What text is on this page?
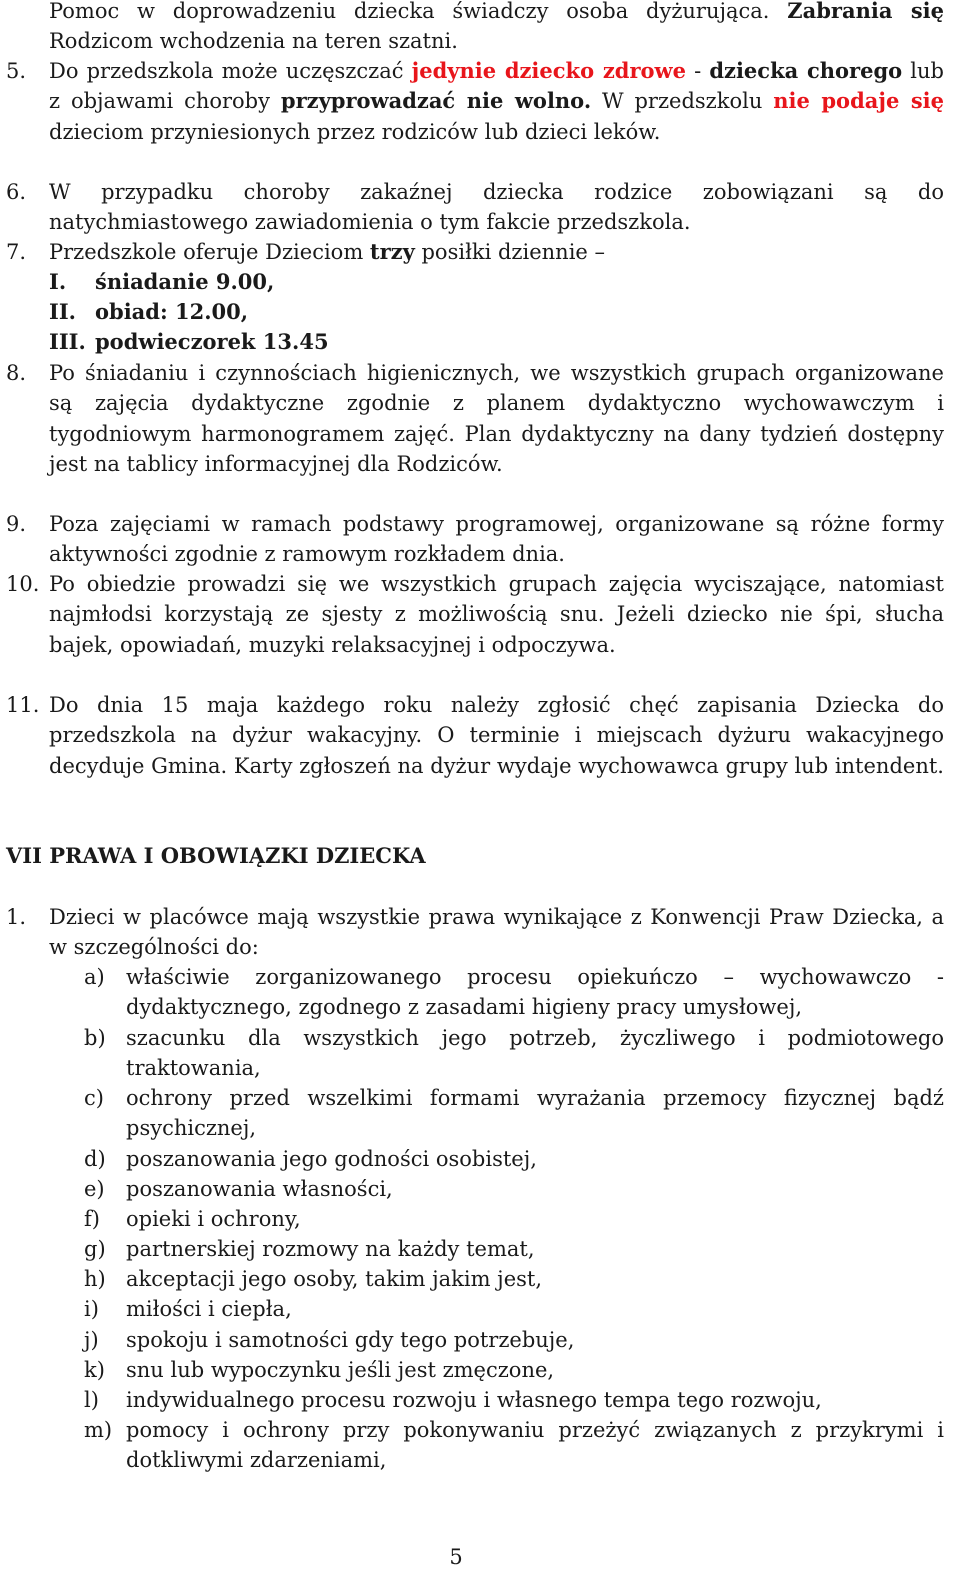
Pomoc w doprowadzeniu dziecka świadczy osoba dyżurująca. Zabrania się Rodzicom wchodzenia na teren szatni.
5. Do przedszkola może uczęszczać jedynie dziecko zdrowe - dziecka chorego lub z objawami choroby przyprowadzać nie wolno. W przedszkolu nie podaje się dzieciom przyniesionych przez rodziców lub dzieci leków.
6. W przypadku choroby zakaźnej dziecka rodzice zobowiązani są do natychmiastowego zawiadomienia o tym fakcie przedszkola.
7. Przedszkole oferuje Dzieciom trzy posiłki dziennie –
I. śniadanie 9.00,
II. obiad: 12.00,
III. podwieczorek 13.45
8. Po śniadaniu i czynnościach higienicznych, we wszystkich grupach organizowane są zajęcia dydaktyczne zgodnie z planem dydaktyczno wychowawczym i tygodniowym harmonogramem zajęć. Plan dydaktyczny na dany tydzień dostępny jest na tablicy informacyjnej dla Rodziców.
9. Poza zajęciami w ramach podstawy programowej, organizowane są różne formy aktywności zgodnie z ramowym rozkładem dnia.
10. Po obiedzie prowadzi się we wszystkich grupach zajęcia wyciszające, natomiast najmłodsi korzystają ze sjesty z możliwością snu. Jeżeli dziecko nie śpi, słucha bajek, opowiadań, muzyki relaksacyjnej i odpoczywa.
11. Do dnia 15 maja każdego roku należy zgłosić chęć zapisania Dziecka do przedszkola na dyżur wakacyjny. O terminie i miejscach dyżuru wakacyjnego decyduje Gmina. Karty zgłoszeń na dyżur wydaje wychowawca grupy lub intendent.
VII PRAWA I OBOWIĄZKI DZIECKA
1. Dzieci w placówce mają wszystkie prawa wynikające z Konwencji Praw Dziecka, a w szczególności do:
a) właściwie zorganizowanego procesu opiekuńczo – wychowawczo - dydaktycznego, zgodnego z zasadami higieny pracy umysłowej,
b) szacunku dla wszystkich jego potrzeb, życzliwego i podmiotowego traktowania,
c) ochrony przed wszelkimi formami wyrażania przemocy fizycznej bądź psychicznej,
d) poszanowania jego godności osobistej,
e) poszanowania własności,
f) opieki i ochrony,
g) partnerskiej rozmowy na każdy temat,
h) akceptacji jego osoby, takim jakim jest,
i) miłości i ciepła,
j) spokoju i samotności gdy tego potrzebuje,
k) snu lub wypoczynku jeśli jest zmęczone,
l) indywidualnego procesu rozwoju i własnego tempa tego rozwoju,
m) pomocy i ochrony przy pokonywaniu przeżyć związanych z przykrymi i dotkliwymi zdarzeniami,
5
